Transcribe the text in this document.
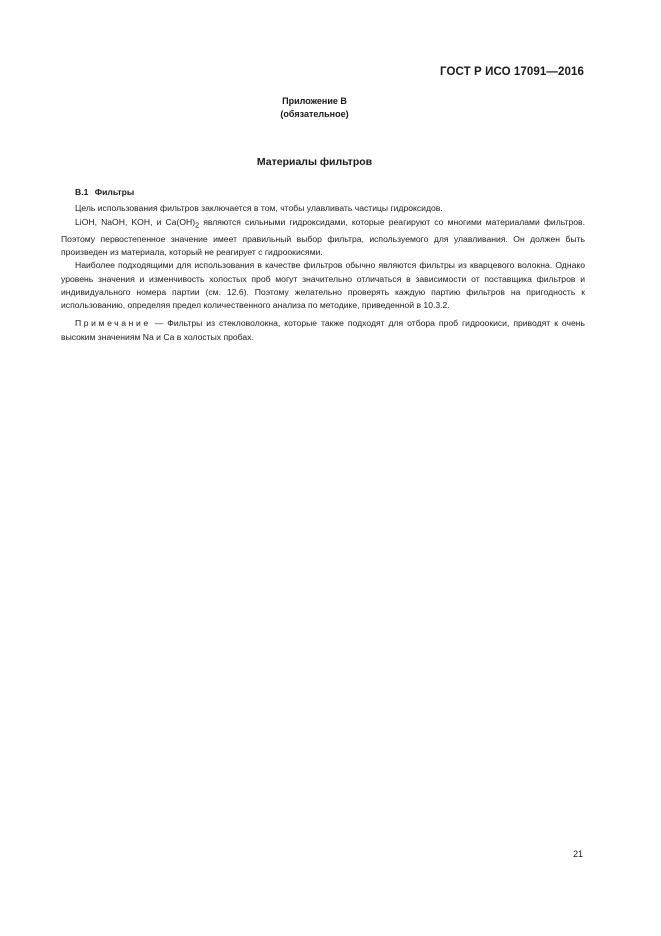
ГОСТ Р ИСО 17091—2016
Приложение В
(обязательное)
Материалы фильтров

В.1 Фильтры

Цель использования фильтров заключается в том, чтобы улавливать частицы гидроксидов.

LiOH, NaOH, KOH, и $Ca(OH)_2$ являются сильными гидроксидами, которые реагируют со многими материалами фильтров. Поэтому первостепенное значение имеет правильный выбор фильтра, используемого для улавливания. Он должен быть произведен из материала, который не реагирует с гидроокисями.

Наиболее подходящими для использования в качестве фильтров обычно являются фильтры из кварцевого волокна. Однако уровень значения и изменчивость холостых проб могут значительно отличаться в зависимости от поставщика фильтров и индивидуального номера партии (см. 12.6). Поэтому желательно проверять каждую партию фильтров на пригодность к использованию, определяя предел количественного анализа по методике, приведенной в 10.3.2.

Примечание — Фильтры из стекловолокна, которые также подходят для отбора проб гидроокиси, приводят к очень высоким значениям Na и Ca в холостых пробах.

21
